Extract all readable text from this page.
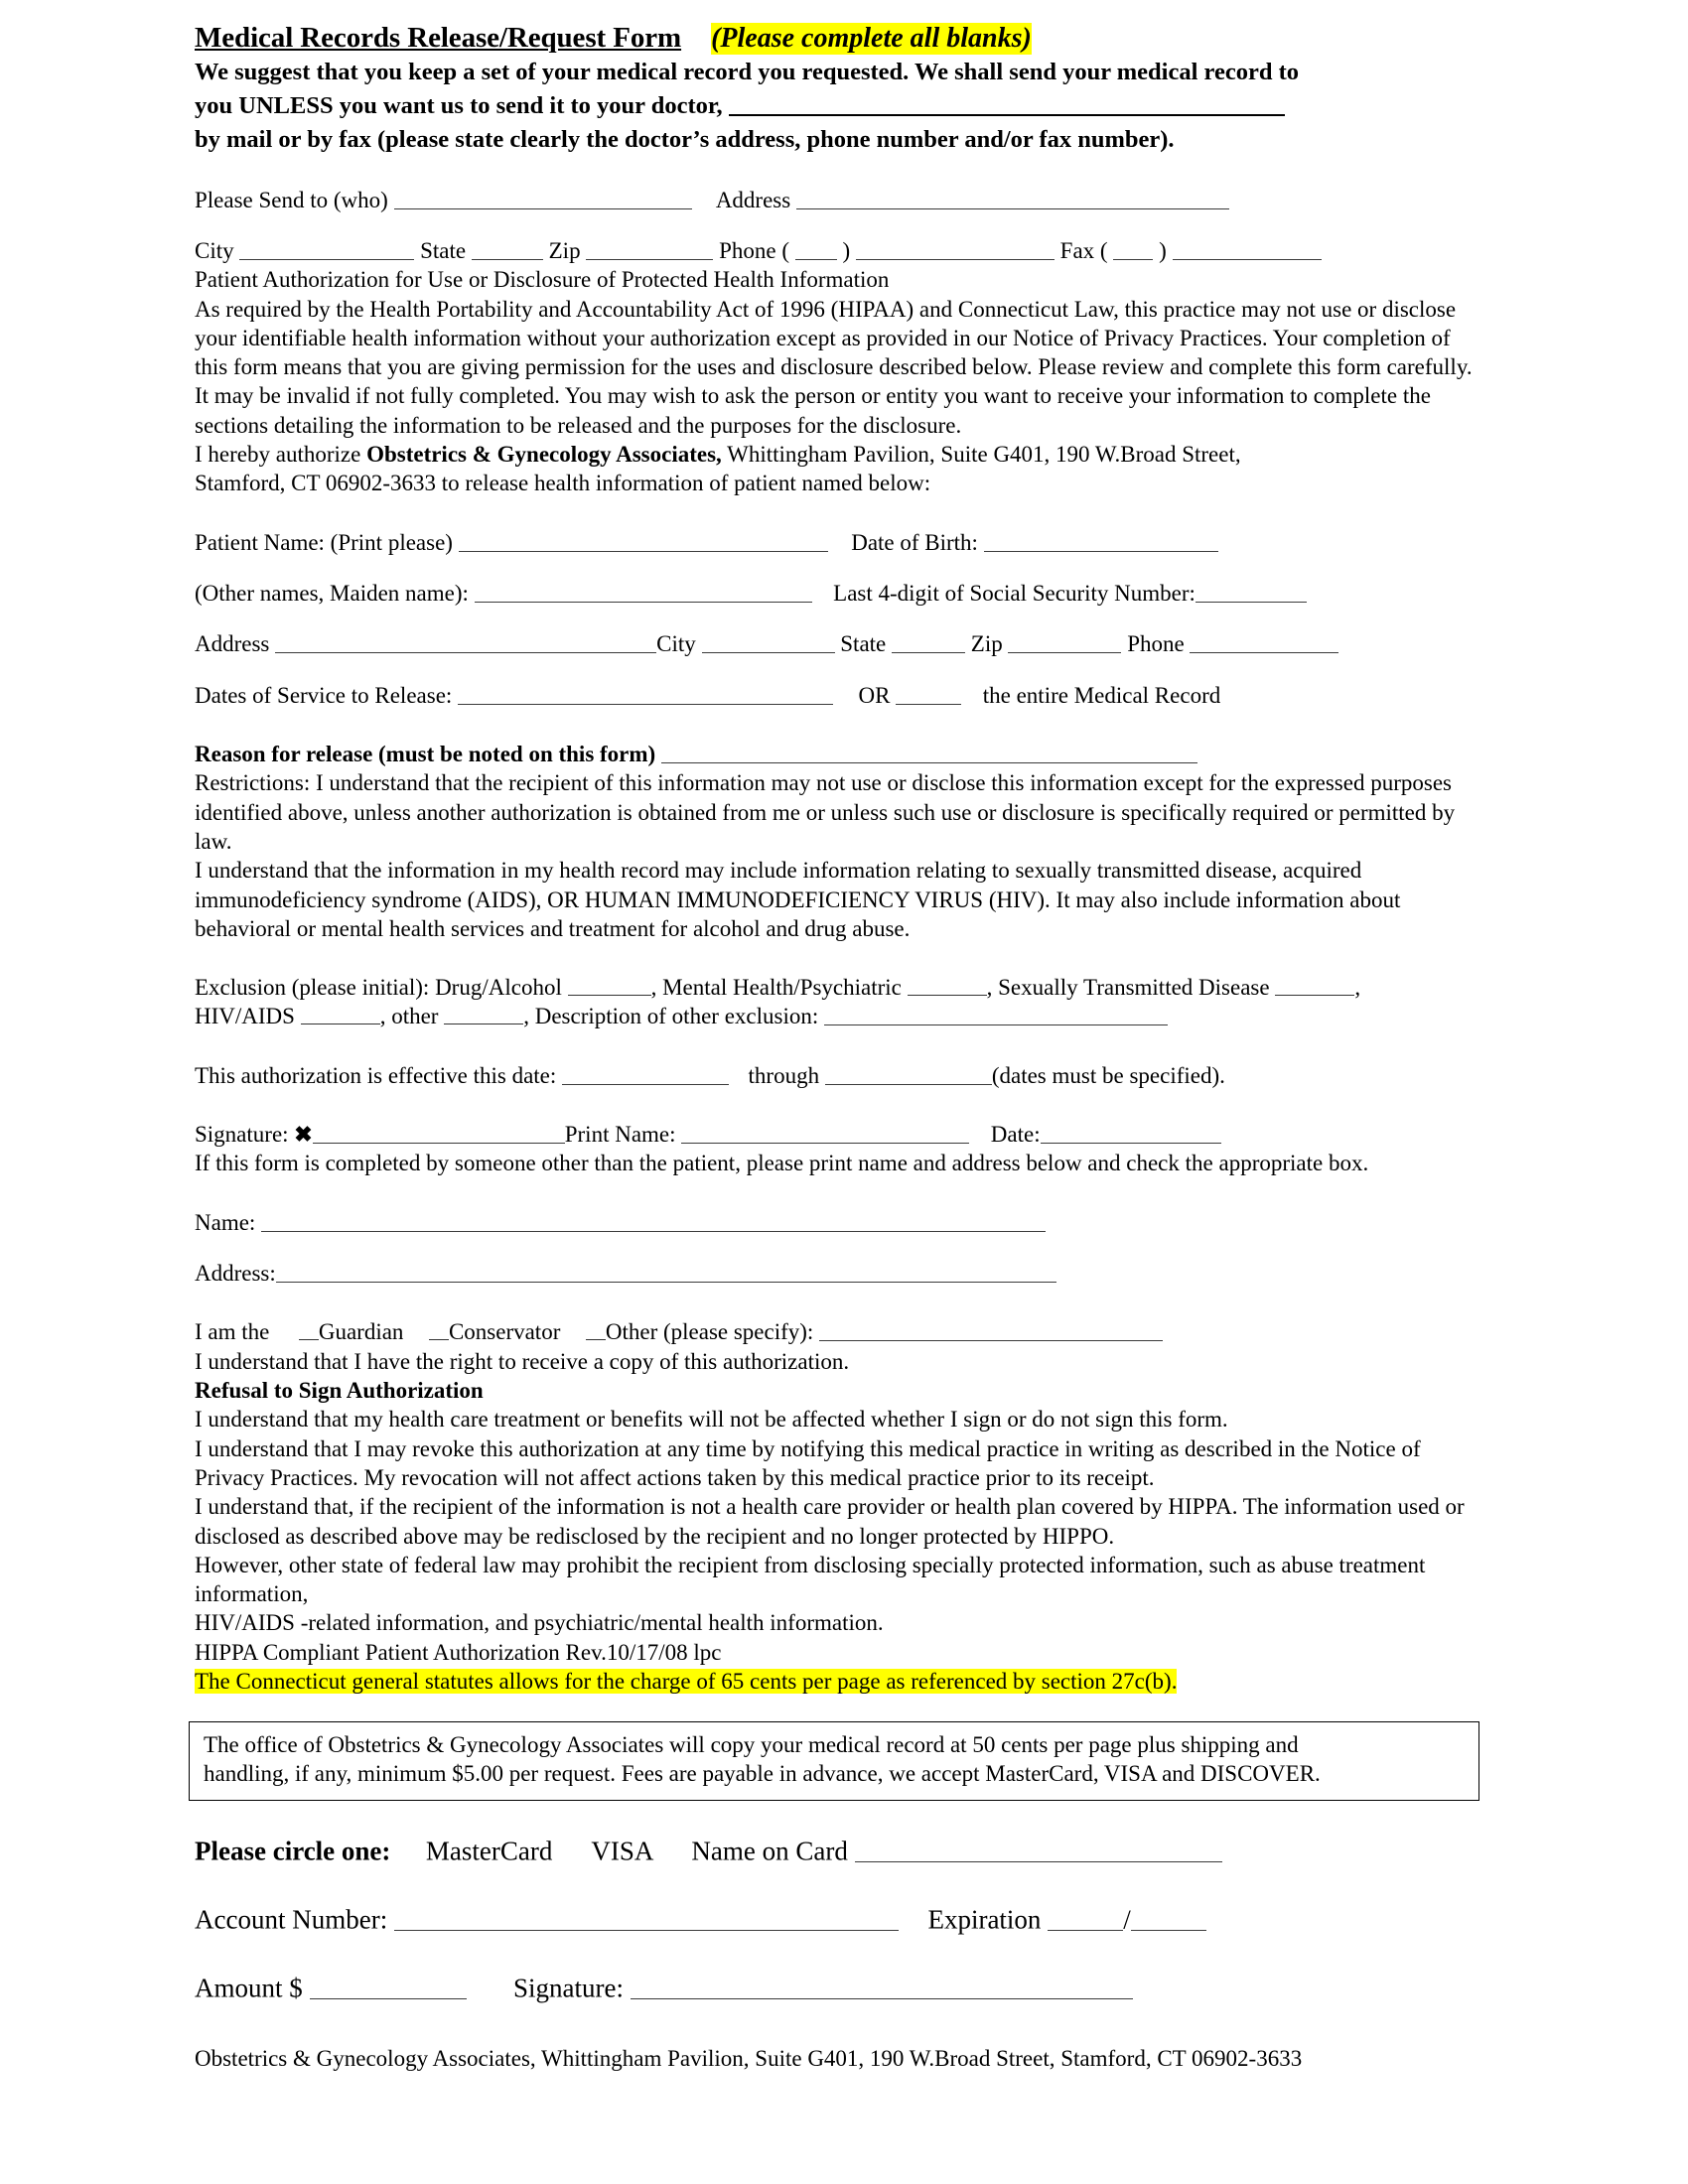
Medical Records Release/Request Form (Please complete all blanks)
We suggest that you keep a set of your medical record you requested. We shall send your medical record to
you UNLESS you want us to send it to your doctor,
by mail or by fax (please state clearly the doctor’s address, phone number and/or fax number).
Please Send to (who)	Address
City	State	Zip	Phone ( )	Fax ( )
Patient Authorization for Use or Disclosure of Protected Health Information
As required by the Health Portability and Accountability Act of 1996 (HIPAA) and Connecticut Law, this practice may not use or disclose your identifiable health information without your authorization except as provided in our Notice of Privacy Practices. Your completion of this form means that you are giving permission for the uses and disclosure described below. Please review and complete this form carefully. It may be invalid if not fully completed. You may wish to ask the person or entity you want to receive your information to complete the sections detailing the information to be released and the purposes for the disclosure.
I hereby authorize Obstetrics & Gynecology Associates, Whittingham Pavilion, Suite G401, 190 W.Broad Street,
Stamford, CT 06902-3633 to release health information of patient named below:
Patient Name: (Print please)	Date of Birth:
(Other names, Maiden name):	Last 4-digit of Social Security Number:
Address	City	State	Zip	Phone
Dates of Service to Release:	OR	the entire Medical Record
Reason for release (must be noted on this form)
Restrictions: I understand that the recipient of this information may not use or disclose this information except for the expressed purposes identified above, unless another authorization is obtained from me or unless such use or disclosure is specifically required or permitted by law.
I understand that the information in my health record may include information relating to sexually transmitted disease, acquired immunodeficiency syndrome (AIDS), OR HUMAN IMMUNODEFICIENCY VIRUS (HIV). It may also include information about behavioral or mental health services and treatment for alcohol and drug abuse.
Exclusion (please initial): Drug/Alcohol	, Mental Health/Psychiatric	, Sexually Transmitted Disease	,
HIV/AIDS	, other	, Description of other exclusion:
This authorization is effective this date:	through	(dates must be specified).
Signature: ✖	Print Name:	Date:
If this form is completed by someone other than the patient, please print name and address below and check the appropriate box.
Name:
Address:
I am the Guardian Conservator Other (please specify):
I understand that I have the right to receive a copy of this authorization.
Refusal to Sign Authorization
I understand that my health care treatment or benefits will not be affected whether I sign or do not sign this form.
I understand that I may revoke this authorization at any time by notifying this medical practice in writing as described in the Notice of Privacy Practices. My revocation will not affect actions taken by this medical practice prior to its receipt.
I understand that, if the recipient of the information is not a health care provider or health plan covered by HIPPA. The information used or disclosed as described above may be redisclosed by the recipient and no longer protected by HIPPO.
However, other state of federal law may prohibit the recipient from disclosing specially protected information, such as abuse treatment information,
HIV/AIDS -related information, and psychiatric/mental health information.
HIPPA Compliant Patient Authorization Rev.10/17/08 lpc
The Connecticut general statutes allows for the charge of 65 cents per page as referenced by section 27c(b).
The office of Obstetrics & Gynecology Associates will copy your medical record at 50 cents per page plus shipping and
handling, if any, minimum $5.00 per request. Fees are payable in advance, we accept MasterCard, VISA and DISCOVER.
Please circle one: MasterCard VISA Name on Card
Account Number:	Expiration	/
Amount $	Signature:
Obstetrics & Gynecology Associates, Whittingham Pavilion, Suite G401, 190 W.Broad Street, Stamford, CT 06902-3633
